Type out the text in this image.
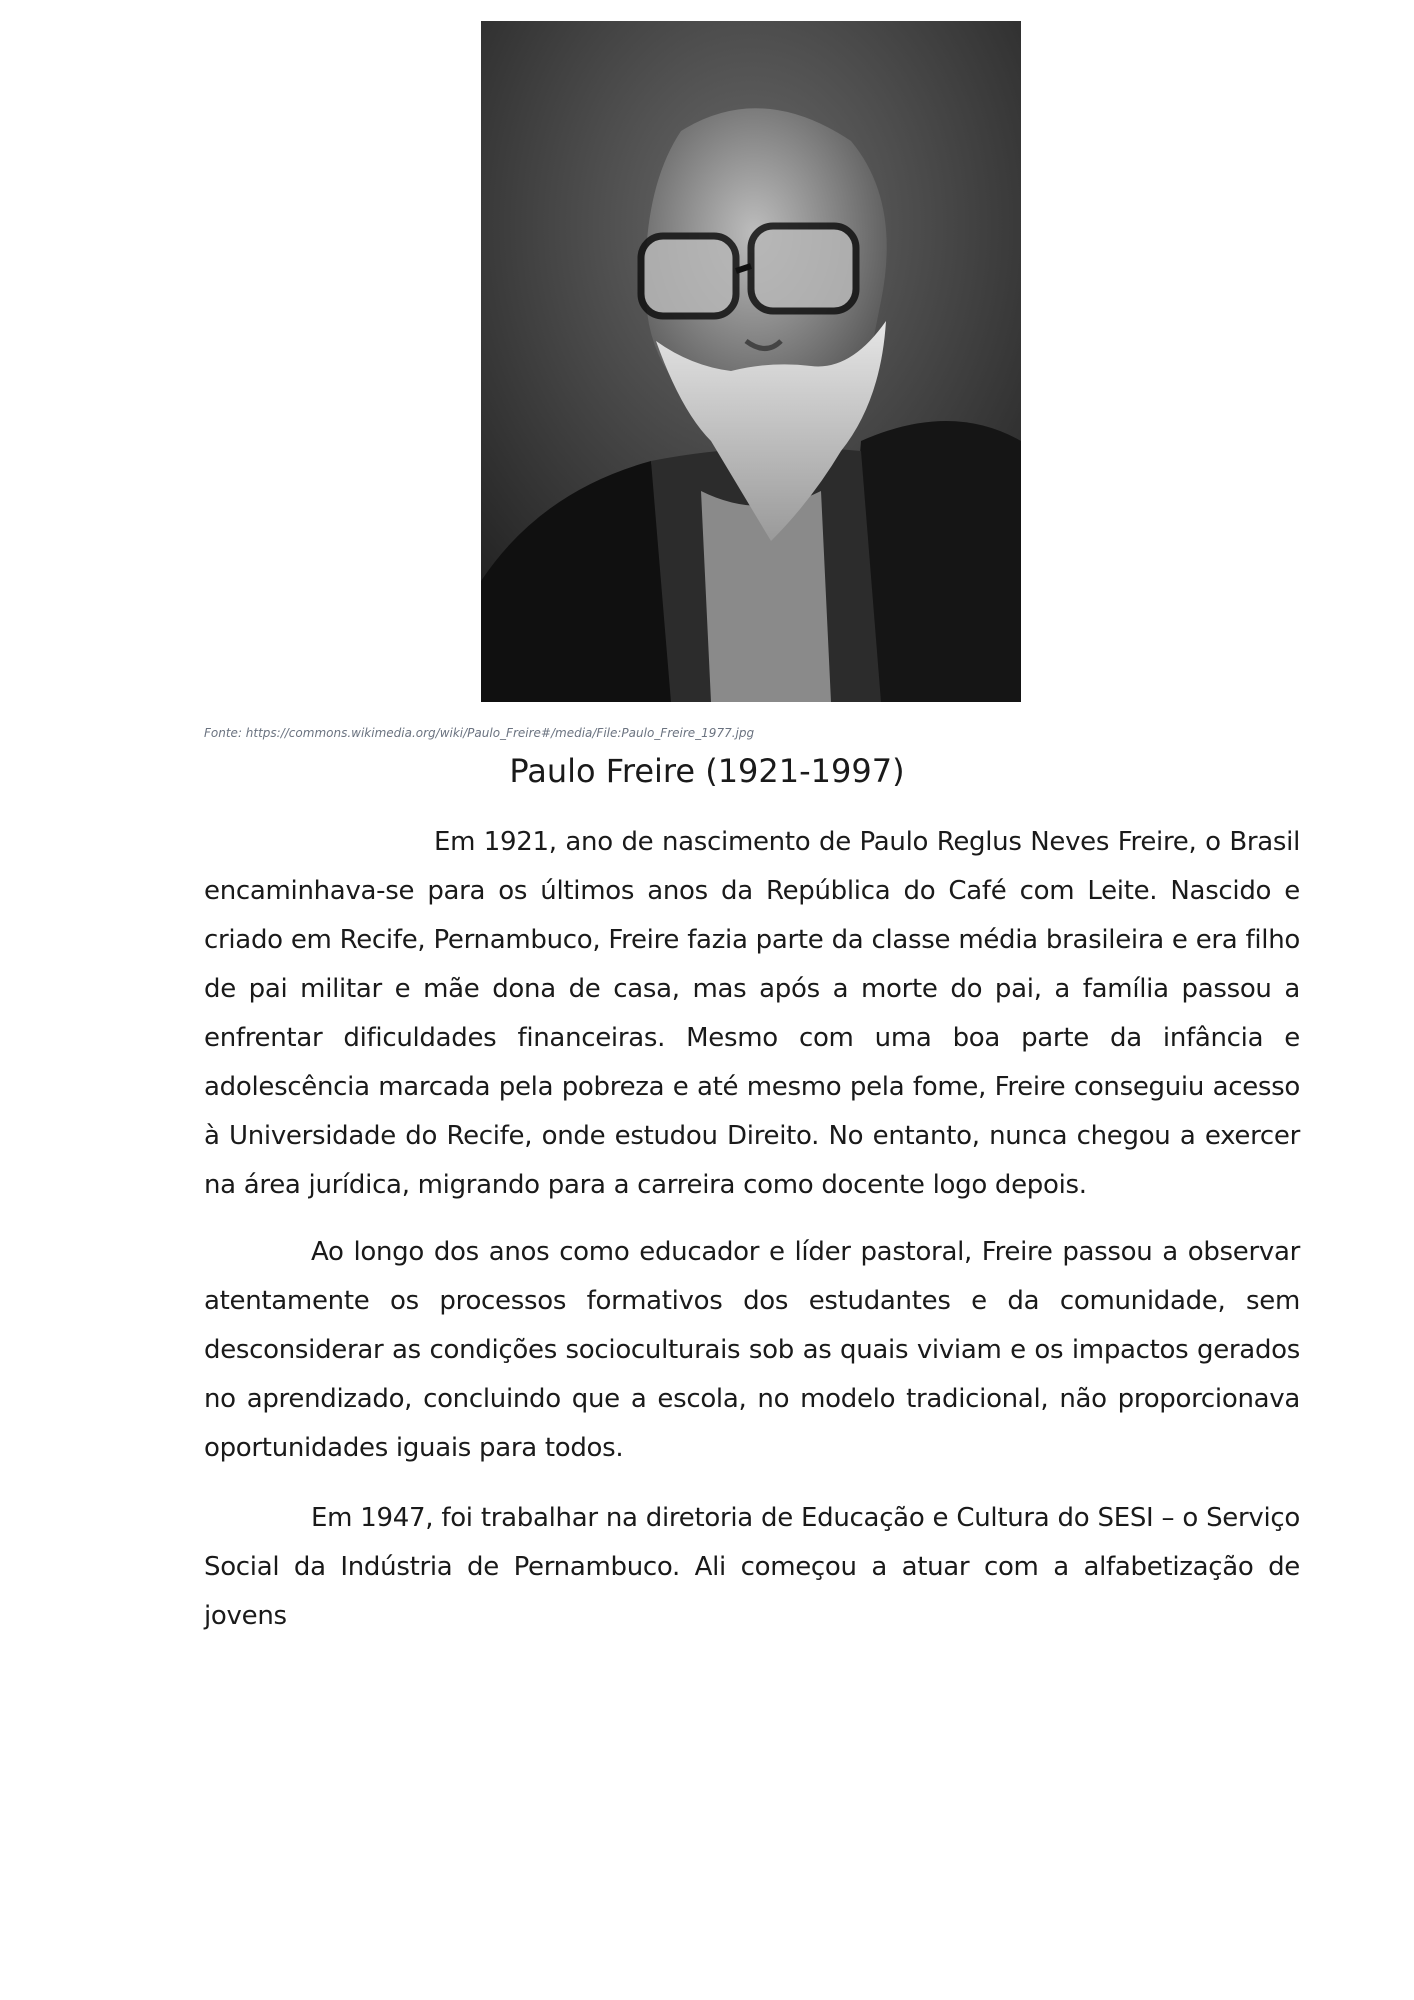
Fonte: https://commons.wikimedia.org/wiki/Paulo_Freire#/media/File:Paulo_Freire_1977.jpg
Paulo Freire (1921-1997)

Em 1921, ano de nascimento de Paulo Reglus Neves Freire, o Brasil encaminhava-se para os últimos anos da República do Café com Leite. Nascido e criado em Recife, Pernambuco, Freire fazia parte da classe média brasileira e era filho de pai militar e mãe dona de casa, mas após a morte do pai, a família passou a enfrentar dificuldades financeiras. Mesmo com uma boa parte da infância e adolescência marcada pela pobreza e até mesmo pela fome, Freire conseguiu acesso à Universidade do Recife, onde estudou Direito. No entanto, nunca chegou a exercer na área jurídica, migrando para a carreira como docente logo depois.

Ao longo dos anos como educador e líder pastoral, Freire passou a observar atentamente os processos formativos dos estudantes e da comunidade, sem desconsiderar as condições socioculturais sob as quais viviam e os impactos gerados no aprendizado, concluindo que a escola, no modelo tradicional, não proporcionava oportunidades iguais para todos.

Em 1947, foi trabalhar na diretoria de Educação e Cultura do SESI – o Serviço Social da Indústria de Pernambuco. Ali começou a atuar com a alfabetização de jovens
